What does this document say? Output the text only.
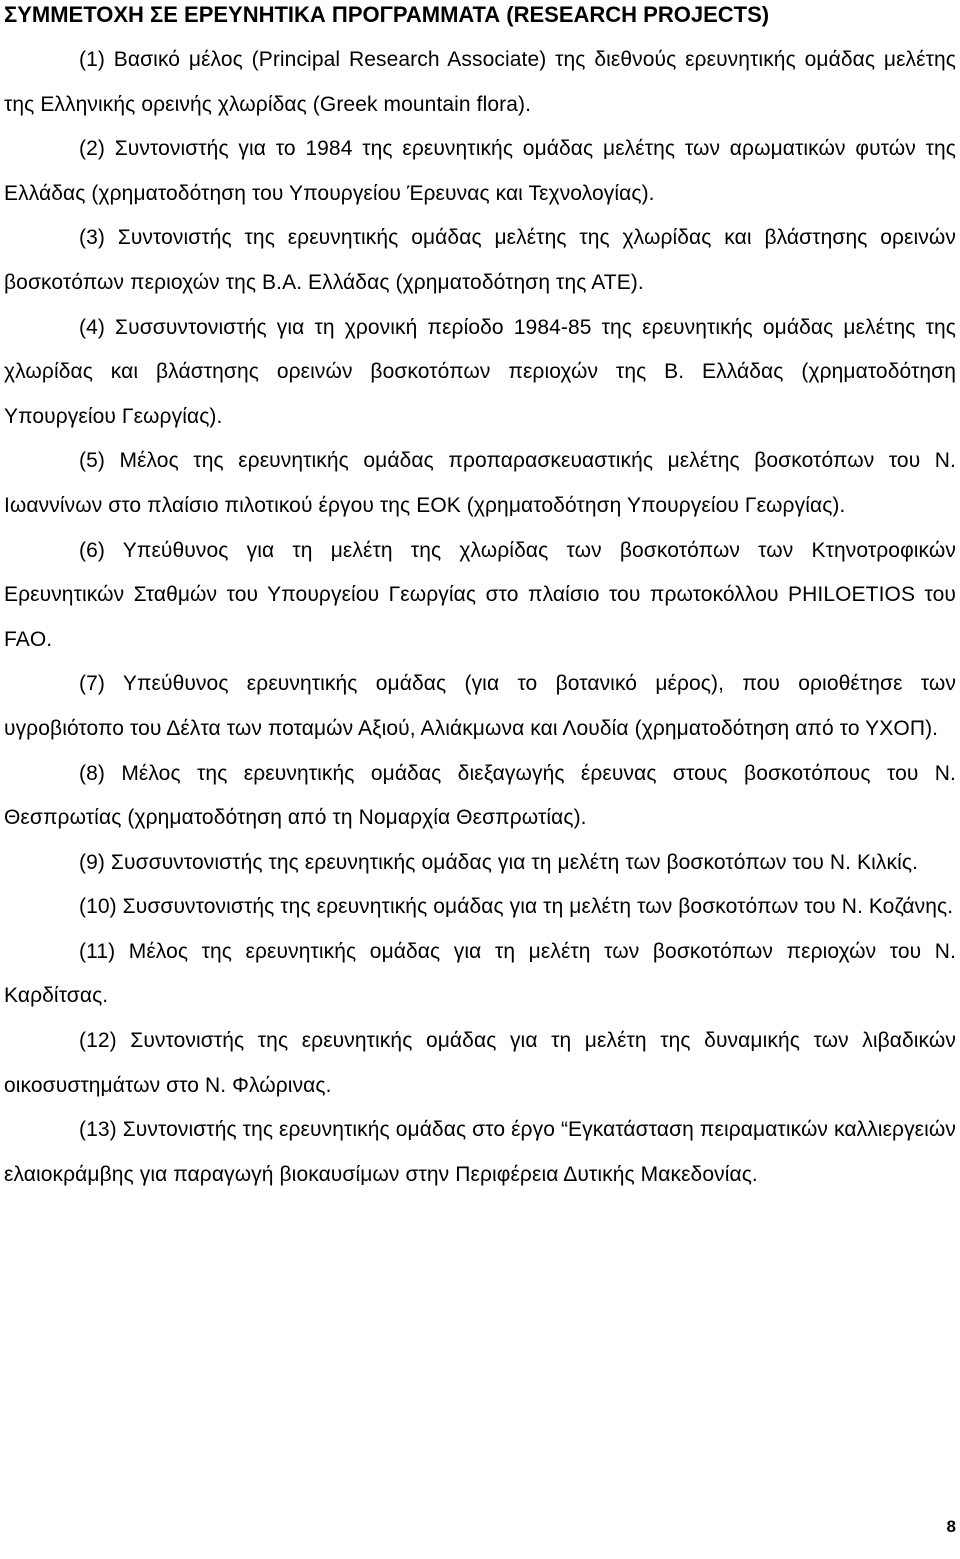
ΣΥΜΜΕΤΟΧΗ ΣΕ ΕΡΕΥΝΗΤΙΚΑ ΠΡΟΓΡΑΜΜΑΤΑ (RESEARCH PROJECTS)

(1) Βασικό μέλος (Principal Research Associate) της διεθνούς ερευνητικής ομάδας μελέτης της Ελληνικής ορεινής χλωρίδας (Greek mountain flora).

(2) Συντονιστής για το 1984 της ερευνητικής ομάδας μελέτης των αρωματικών φυτών της Ελλάδας (χρηματοδότηση του Υπουργείου Έρευνας και Τεχνολογίας).

(3) Συντονιστής της ερευνητικής ομάδας μελέτης της χλωρίδας και βλάστησης ορεινών βοσκοτόπων περιοχών της Β.Α. Ελλάδας (χρηματοδότηση της ΑΤΕ).

(4) Συσσυντονιστής για τη χρονική περίοδο 1984-85 της ερευνητικής ομάδας μελέτης της χλωρίδας και βλάστησης ορεινών βοσκοτόπων περιοχών της Β. Ελλάδας (χρηματοδότηση Υπουργείου Γεωργίας).

(5) Μέλος της ερευνητικής ομάδας προπαρασκευαστικής μελέτης βοσκοτόπων του Ν. Ιωαννίνων στο πλαίσιο πιλοτικού έργου της ΕΟΚ (χρηματοδότηση Υπουργείου Γεωργίας).

(6) Υπεύθυνος για τη μελέτη της χλωρίδας των βοσκοτόπων των Κτηνοτροφικών Ερευνητικών Σταθμών του Υπουργείου Γεωργίας στο πλαίσιο του πρωτοκόλλου PHILOETIOS του FAO.

(7) Υπεύθυνος ερευνητικής ομάδας (για το βοτανικό μέρος), που οριοθέτησε των υγροβιότοπο του Δέλτα των ποταμών Αξιού, Αλιάκμωνα και Λουδία (χρηματοδότηση από το ΥΧΟΠ).

(8) Μέλος της ερευνητικής ομάδας διεξαγωγής έρευνας στους βοσκοτόπους του Ν. Θεσπρωτίας (χρηματοδότηση από τη Νομαρχία Θεσπρωτίας).

(9) Συσσυντονιστής της ερευνητικής ομάδας για τη μελέτη των βοσκοτόπων του Ν. Κιλκίς.

(10) Συσσυντονιστής της ερευνητικής ομάδας για τη μελέτη των βοσκοτόπων του Ν. Κοζάνης.

(11) Μέλος της ερευνητικής ομάδας για τη μελέτη των βοσκοτόπων περιοχών του Ν. Καρδίτσας.

(12) Συντονιστής της ερευνητικής ομάδας για τη μελέτη της δυναμικής των λιβαδικών οικοσυστημάτων στο Ν. Φλώρινας.

(13) Συντονιστής της ερευνητικής ομάδας στο έργο “Εγκατάσταση πειραματικών καλλιεργειών ελαιοκράμβης για παραγωγή βιοκαυσίμων στην Περιφέρεια Δυτικής Μακεδονίας.

8
